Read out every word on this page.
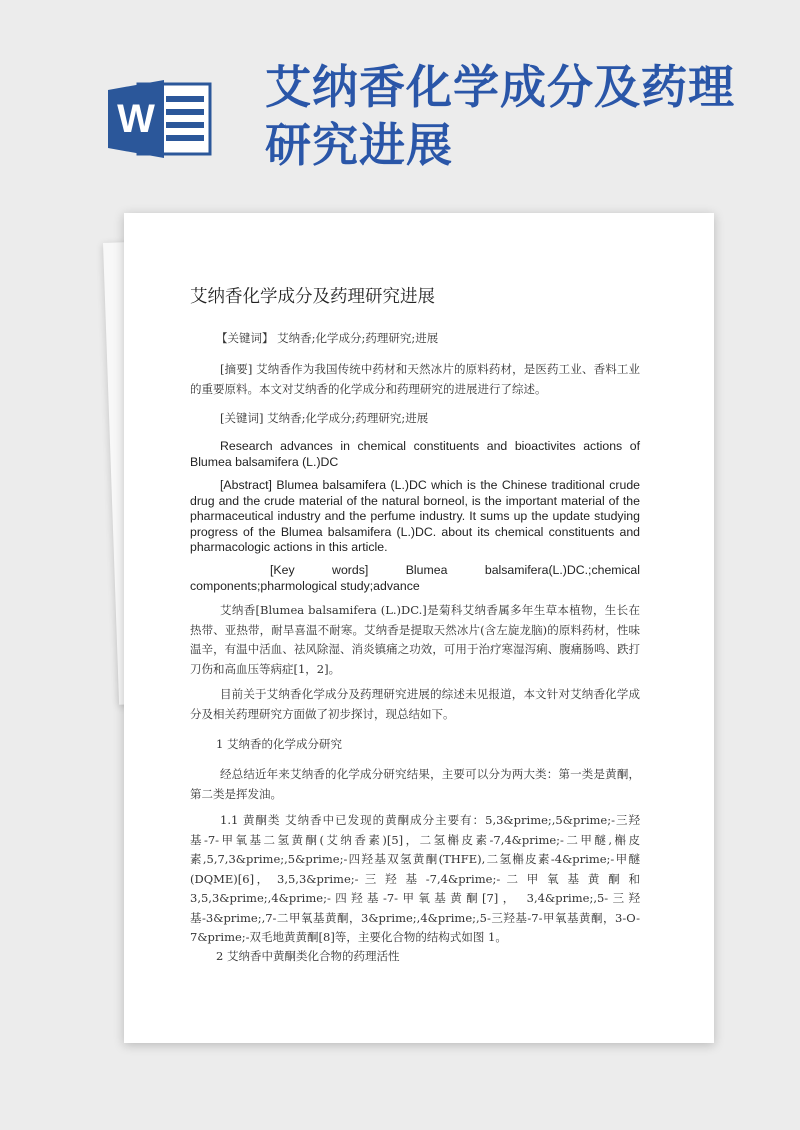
W
艾纳香化学成分及药理
研究进展
艾纳香化学成分及药理研究进展

【关键词】 艾纳香;化学成分;药理研究;进展

[摘要] 艾纳香作为我国传统中药材和天然冰片的原料药材，是医药工业、香料工业的重要原料。本文对艾纳香的化学成分和药理研究的进展进行了综述。

[关键词] 艾纳香;化学成分;药理研究;进展

Research advances in chemical constituents and bioactivites actions of Blumea balsamifera (L.)DC

[Abstract] Blumea balsamifera (L.)DC which is the Chinese traditional crude drug and the crude material of the natural borneol, is the important material of the pharmaceutical industry and the perfume industry. It sums up the update studying progress of the Blumea balsamifera (L.)DC. about its chemical constituents and pharmacologic actions in this article.

[Key words] Blumea balsamifera(L.)DC.;chemical components;pharmological study;advance

艾纳香[Blumea balsamifera (L.)DC.]是菊科艾纳香属多年生草本植物，生长在热带、亚热带，耐旱喜温不耐寒。艾纳香是提取天然冰片(含左旋龙脑)的原料药材，性味温辛，有温中活血、祛风除湿、消炎镇痛之功效，可用于治疗寒湿泻痢、腹痛肠鸣、跌打刀伤和高血压等病症[1，2]。

目前关于艾纳香化学成分及药理研究进展的综述未见报道，本文针对艾纳香化学成分及相关药理研究方面做了初步探讨，现总结如下。

1 艾纳香的化学成分研究

经总结近年来艾纳香的化学成分研究结果，主要可以分为两大类：第一类是黄酮，第二类是挥发油。

1.1 黄酮类 艾纳香中已发现的黄酮成分主要有：5,3&prime;,5&prime;-三羟基-7-甲氧基二氢黄酮(艾纳香素)[5]，二氢槲皮素-7,4&prime;-二甲醚,槲皮素,5,7,3&prime;,5&prime;-四羟基双氢黄酮(THFE),二氢槲皮素-4&prime;-甲醚(DQME)[6]， 3,5,3&prime;- 三 羟 基 -7,4&prime;- 二 甲 氧 基 黄 酮 和 3,5,3&prime;,4&prime;-四羟基-7-甲氧基黄酮[7]， 3,4&prime;,5-三羟基-3&prime;,7-二甲氧基黄酮，3&prime;,4&prime;,5-三羟基-7-甲氧基黄酮，3-O-7&prime;-双毛地黄黄酮[8]等，主要化合物的结构式如图 1。

2 艾纳香中黄酮类化合物的药理活性
